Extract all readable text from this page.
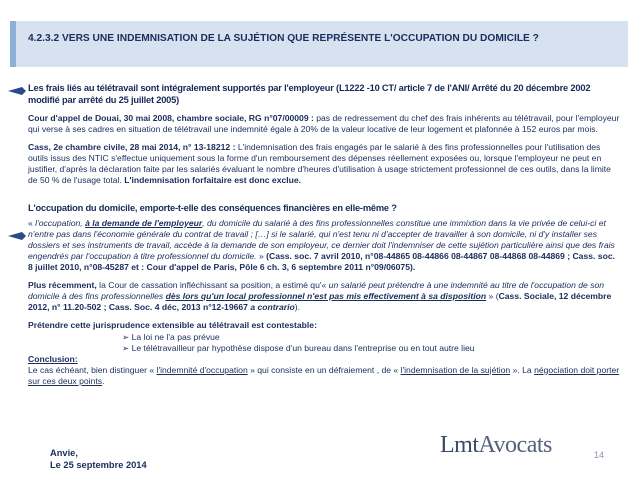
4.2.3.2 VERS UNE INDEMNISATION DE LA SUJÉTION QUE REPRÉSENTE L'OCCUPATION DU DOMICILE ?
Les frais liés au télétravail sont intégralement supportés par l'employeur (L1222 -10 CT/ article 7 de l'ANI/ Arrêté du 20 décembre 2002 modifié par arrêté du 25 juillet 2005)

Cour d'appel de Douai, 30 mai 2008, chambre sociale, RG n°07/00009 : pas de redressement du chef des frais inhérents au télétravail, pour l'employeur qui verse à ses cadres en situation de télétravail une indemnité égale à 20% de la valeur locative de leur logement et plafonnée à 152 euros par mois.

Cass, 2e chambre civile, 28 mai 2014, n° 13-18212 : L'indemnisation des frais engagés par le salarié à des fins professionnelles pour l'utilisation des outils issus des NTIC s'effectue uniquement sous la forme d'un remboursement des dépenses réellement exposées ou, lorsque l'employeur ne peut en justifier, d'après la déclaration faite par les salariés évaluant le nombre d'heures d'utilisation à usage strictement professionnel de ces outils, dans la limite de 50 % de l'usage total. L'indemnisation forfaitaire est donc exclue.

L'occupation du domicile, emporte-t-elle des conséquences financières en elle-même ?

« l'occupation, à la demande de l'employeur, du domicile du salarié à des fins professionnelles constitue une immixtion dans la vie privée de celui-ci et n'entre pas dans l'économie générale du contrat de travail ; […] si le salarié, qui n'est tenu ni d'accepter de travailler à son domicile, ni d'y installer ses dossiers et ses instruments de travail, accède à la demande de son employeur, ce dernier doit l'indemniser de cette sujétion particulière ainsi que des frais engendrés par l'occupation à titre professionnel du domicile. » (Cass. soc. 7 avril 2010, n°08-44865 08-44866 08-44867 08-44868 08-44869 ; Cass. soc. 8 juillet 2010, n°08-45287 et : Cour d'appel de Paris, Pôle 6 ch. 3, 6 septembre 2011 n°09/06075).

Plus récemment, la Cour de cassation infléchissant sa position, a estimé qu'« un salarié peut prétendre à une indemnité au titre de l'occupation de son domicile à des fins professionnelles dès lors qu'un local professionnel n'est pas mis effectivement à sa disposition » (Cass. Sociale, 12 décembre 2012, n° 11.20-502 ; Cass. Soc. 4 déc, 2013 n°12-19667 a contrario).

Prétendre cette jurisprudence extensible au télétravail est contestable:

➢ La loi ne l'a pas prévue
➢ Le télétravailleur par hypothèse dispose d'un bureau dans l'entreprise ou en tout autre lieu
Conclusion:
Le cas échéant, bien distinguer « l'indemnité d'occupation » qui consiste en un défraiement , de « l'indemnisation de la sujétion ». La négociation doit porter sur ces deux points.
Anvie,
Le 25 septembre 2014
LmtAvocats	14
